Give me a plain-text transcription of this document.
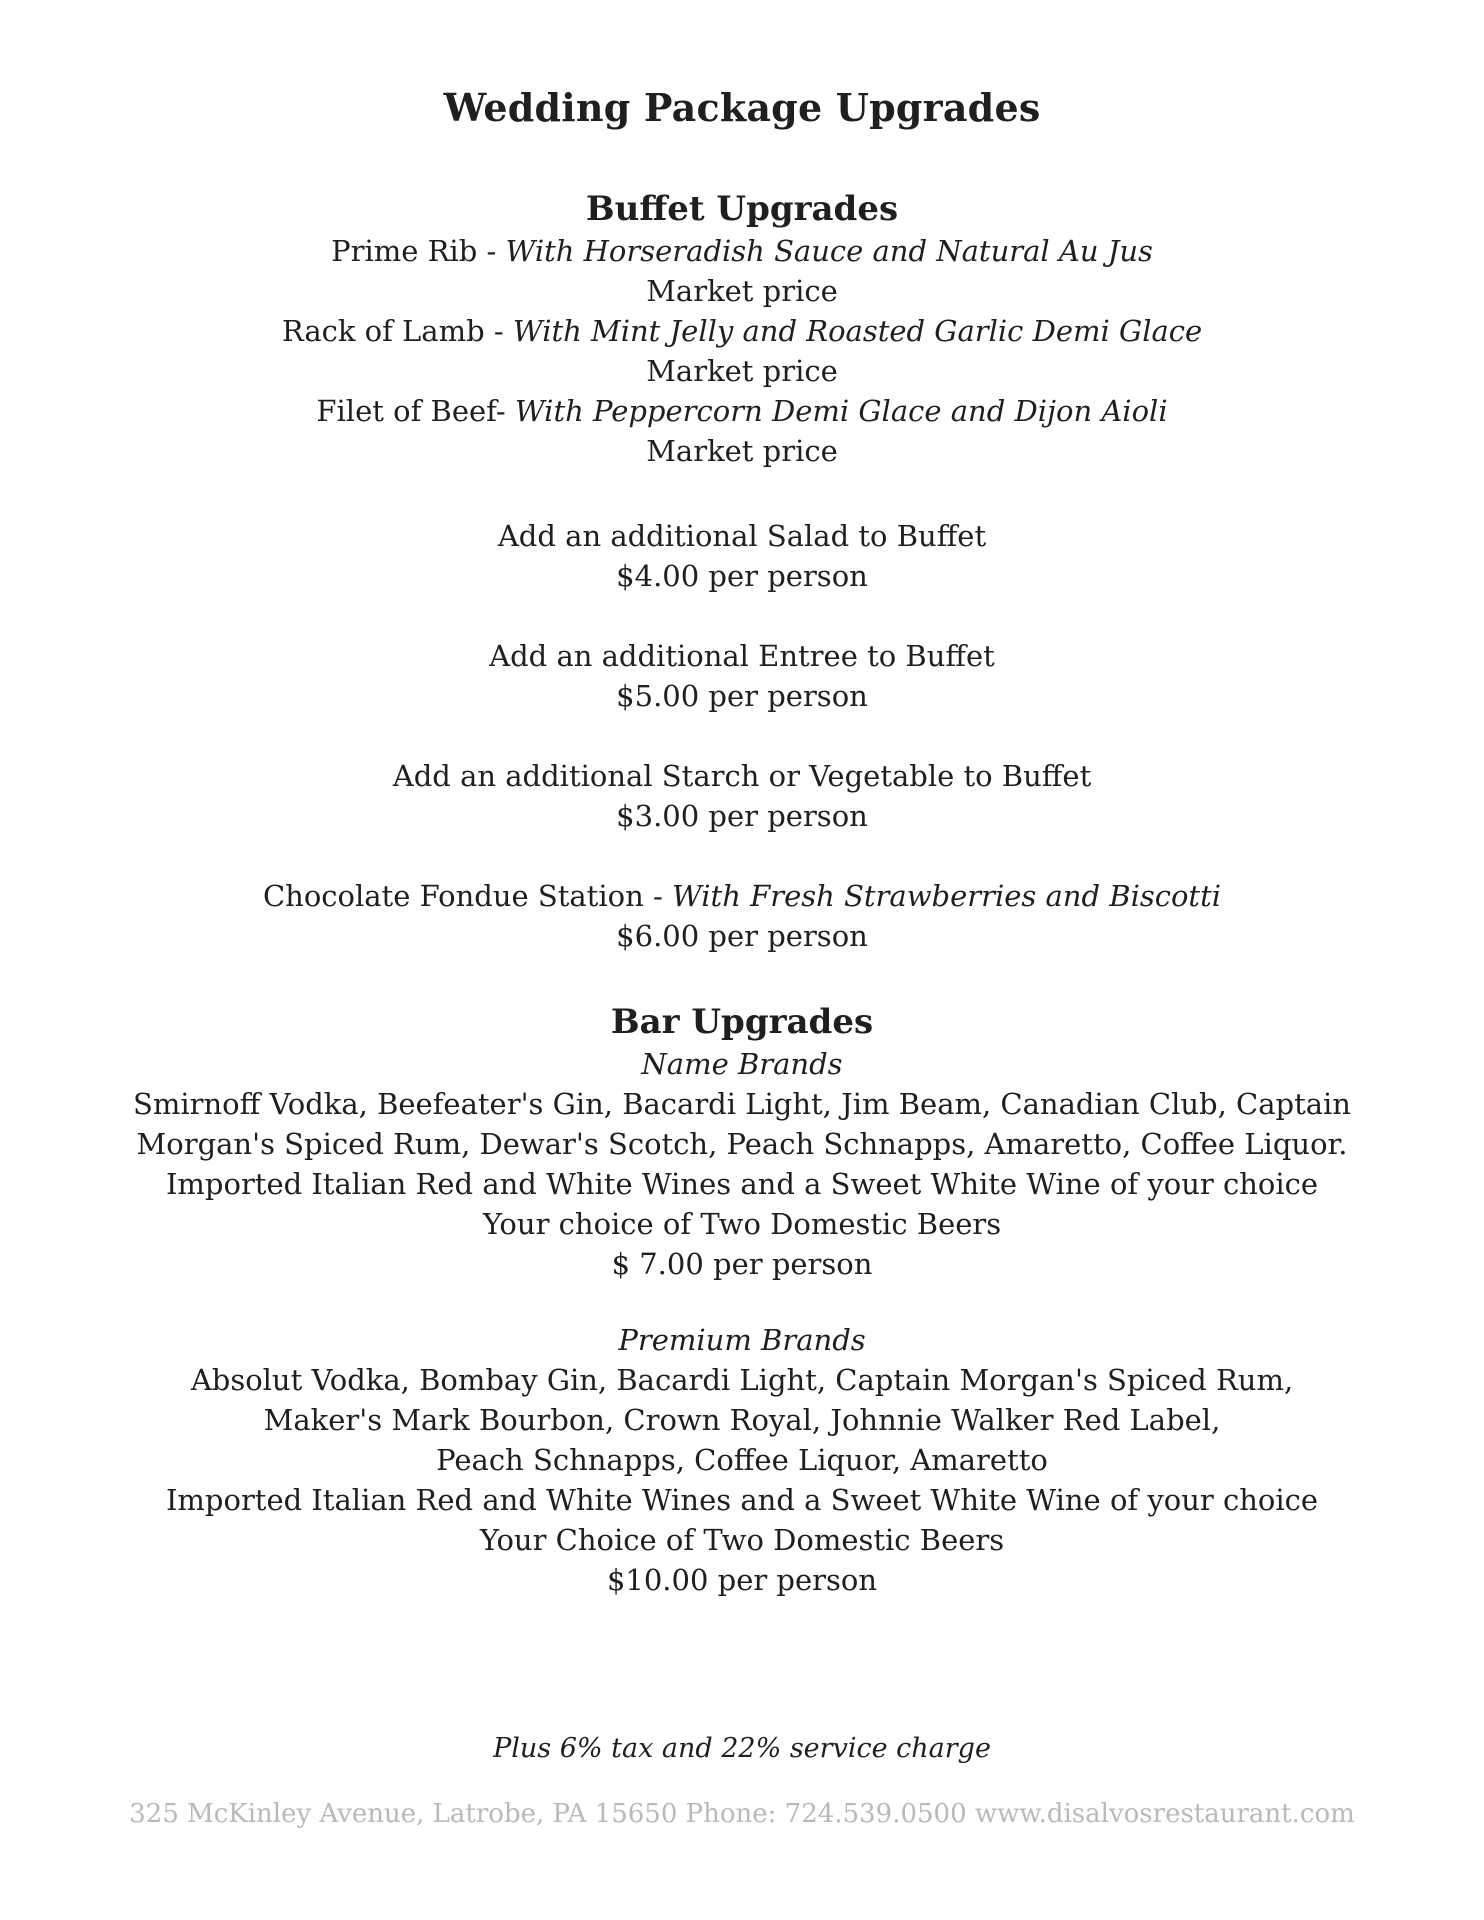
Wedding Package Upgrades
Buffet Upgrades
Prime Rib - With Horseradish Sauce and Natural Au Jus
Market price
Rack of Lamb - With Mint Jelly and Roasted Garlic Demi Glace
Market price
Filet of Beef- With Peppercorn Demi Glace and Dijon Aioli
Market price
Add an additional Salad to Buffet
$4.00 per person
Add an additional Entree to Buffet
$5.00 per person
Add an additional Starch or Vegetable to Buffet
$3.00 per person
Chocolate Fondue Station - With Fresh Strawberries and Biscotti
$6.00 per person
Bar Upgrades
Name Brands
Smirnoff Vodka, Beefeater's Gin, Bacardi Light, Jim Beam, Canadian Club, Captain
Morgan's Spiced Rum, Dewar's Scotch, Peach Schnapps, Amaretto, Coffee Liquor.
Imported Italian Red and White Wines and a Sweet White Wine of your choice
Your choice of Two Domestic Beers
$ 7.00 per person
Premium Brands
Absolut Vodka, Bombay Gin, Bacardi Light, Captain Morgan's Spiced Rum,
Maker's Mark Bourbon, Crown Royal, Johnnie Walker Red Label,
Peach Schnapps, Coffee Liquor, Amaretto
Imported Italian Red and White Wines and a Sweet White Wine of your choice
Your Choice of Two Domestic Beers
$10.00 per person
Plus 6% tax and 22% service charge
325 McKinley Avenue, Latrobe, PA 15650 Phone: 724.539.0500 www.disalvosrestaurant.com
